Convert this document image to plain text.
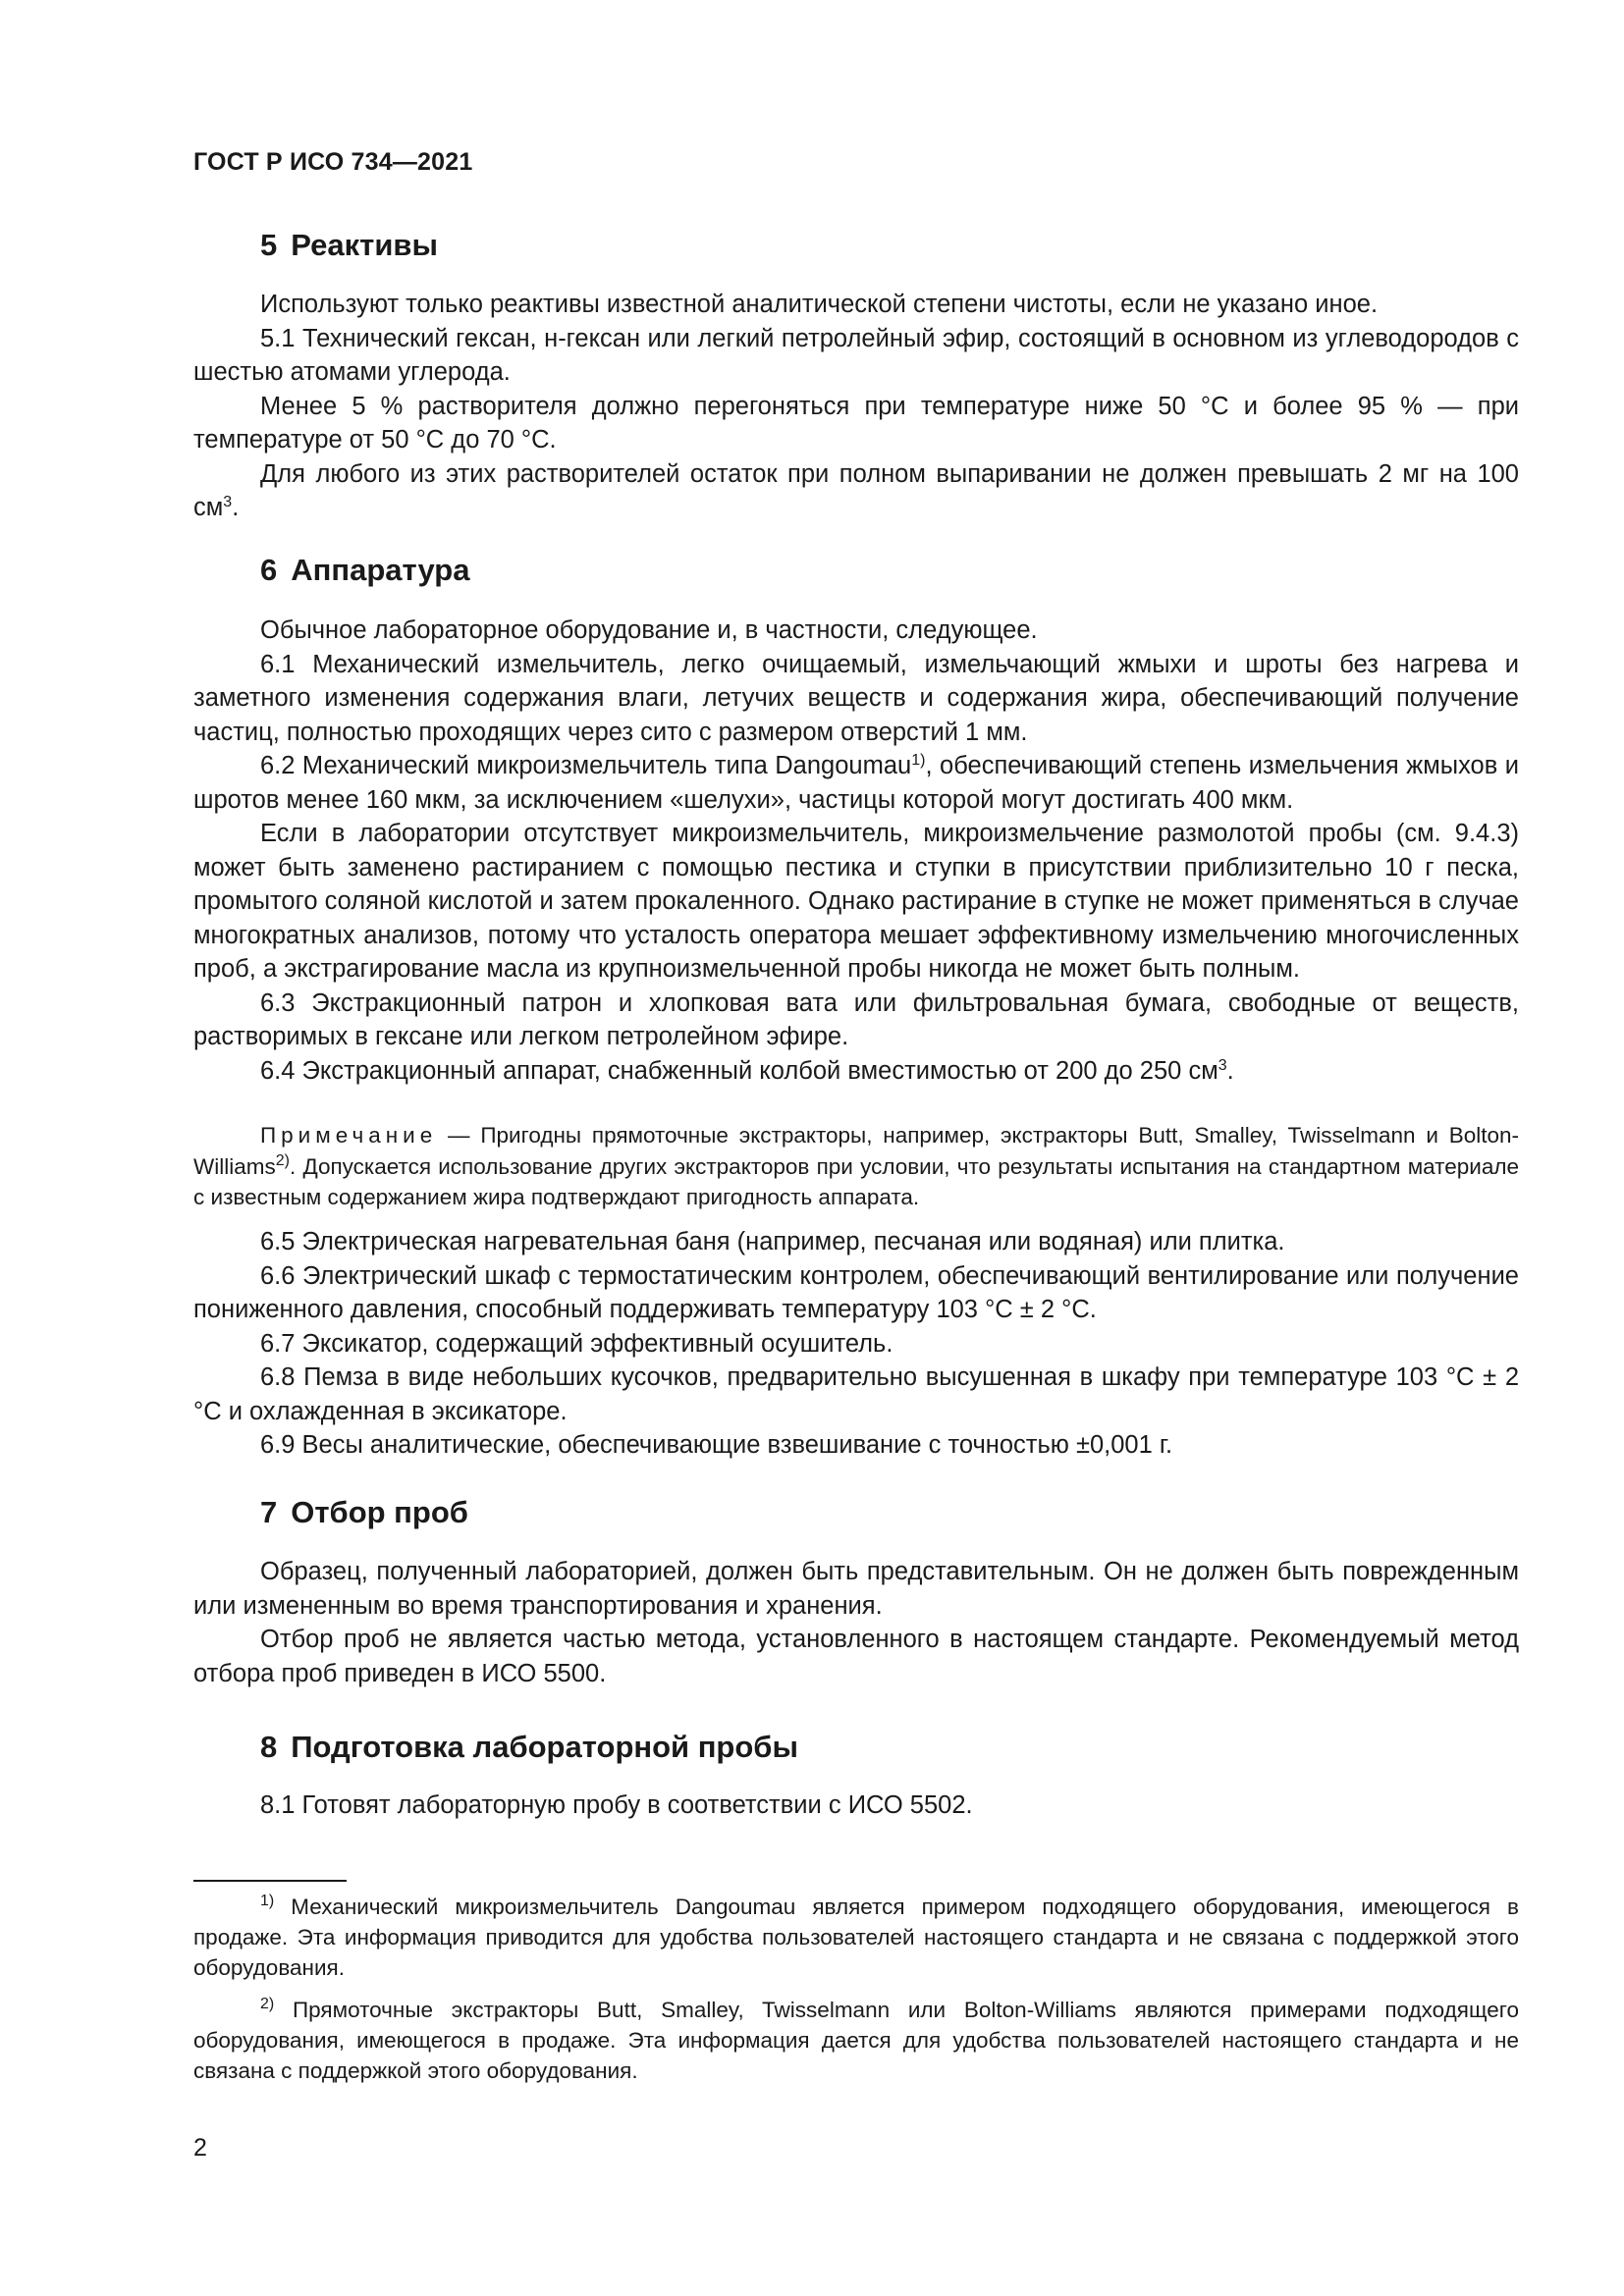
ГОСТ Р ИСО 734—2021
5 Реактивы

Используют только реактивы известной аналитической степени чистоты, если не указано иное.

5.1 Технический гексан, н-гексан или легкий петролейный эфир, состоящий в основном из углеводородов с шестью атомами углерода.

Менее 5 % растворителя должно перегоняться при температуре ниже 50 °С и более 95 % — при температуре от 50 °С до 70 °С.

Для любого из этих растворителей остаток при полном выпаривании не должен превышать 2 мг на 100 $см^3$.

6 Аппаратура

Обычное лабораторное оборудование и, в частности, следующее.

6.1 Механический измельчитель, легко очищаемый, измельчающий жмыхи и шроты без нагрева и заметного изменения содержания влаги, летучих веществ и содержания жира, обеспечивающий получение частиц, полностью проходящих через сито с размером отверстий 1 мм.

6.2 Механический микроизмельчитель типа Dangoumau$^{1)}$, обеспечивающий степень измельчения жмыхов и шротов менее 160 мкм, за исключением «шелухи», частицы которой могут достигать 400 мкм.

Если в лаборатории отсутствует микроизмельчитель, микроизмельчение размолотой пробы (см. 9.4.3) может быть заменено растиранием с помощью пестика и ступки в присутствии приблизительно 10 г песка, промытого соляной кислотой и затем прокаленного. Однако растирание в ступке не может применяться в случае многократных анализов, потому что усталость оператора мешает эффективному измельчению многочисленных проб, а экстрагирование масла из крупноизмельченной пробы никогда не может быть полным.

6.3 Экстракционный патрон и хлопковая вата или фильтровальная бумага, свободные от веществ, растворимых в гексане или легком петролейном эфире.

6.4 Экстракционный аппарат, снабженный колбой вместимостью от 200 до 250 $см^3$.

Примечание — Пригодны прямоточные экстракторы, например, экстракторы Butt, Smalley, Twisselmann и Bolton-Williams$^{2)}$. Допускается использование других экстракторов при условии, что результаты испытания на стандартном материале с известным содержанием жира подтверждают пригодность аппарата.

6.5 Электрическая нагревательная баня (например, песчаная или водяная) или плитка.

6.6 Электрический шкаф с термостатическим контролем, обеспечивающий вентилирование или получение пониженного давления, способный поддерживать температуру 103 °С ± 2 °С.

6.7 Эксикатор, содержащий эффективный осушитель.

6.8 Пемза в виде небольших кусочков, предварительно высушенная в шкафу при температуре 103 °С ± 2 °С и охлажденная в эксикаторе.

6.9 Весы аналитические, обеспечивающие взвешивание с точностью ±0,001 г.

7 Отбор проб

Образец, полученный лабораторией, должен быть представительным. Он не должен быть поврежденным или измененным во время транспортирования и хранения.

Отбор проб не является частью метода, установленного в настоящем стандарте. Рекомендуемый метод отбора проб приведен в ИСО 5500.

8 Подготовка лабораторной пробы

8.1 Готовят лабораторную пробу в соответствии с ИСО 5502.

$^{1)}$ Механический микроизмельчитель Dangoumau является примером подходящего оборудования, имеющегося в продаже. Эта информация приводится для удобства пользователей настоящего стандарта и не связана с поддержкой этого оборудования.

$^{2)}$ Прямоточные экстракторы Butt, Smalley, Twisselmann или Bolton-Williams являются примерами подходящего оборудования, имеющегося в продаже. Эта информация дается для удобства пользователей настоящего стандарта и не связана с поддержкой этого оборудования.

2
